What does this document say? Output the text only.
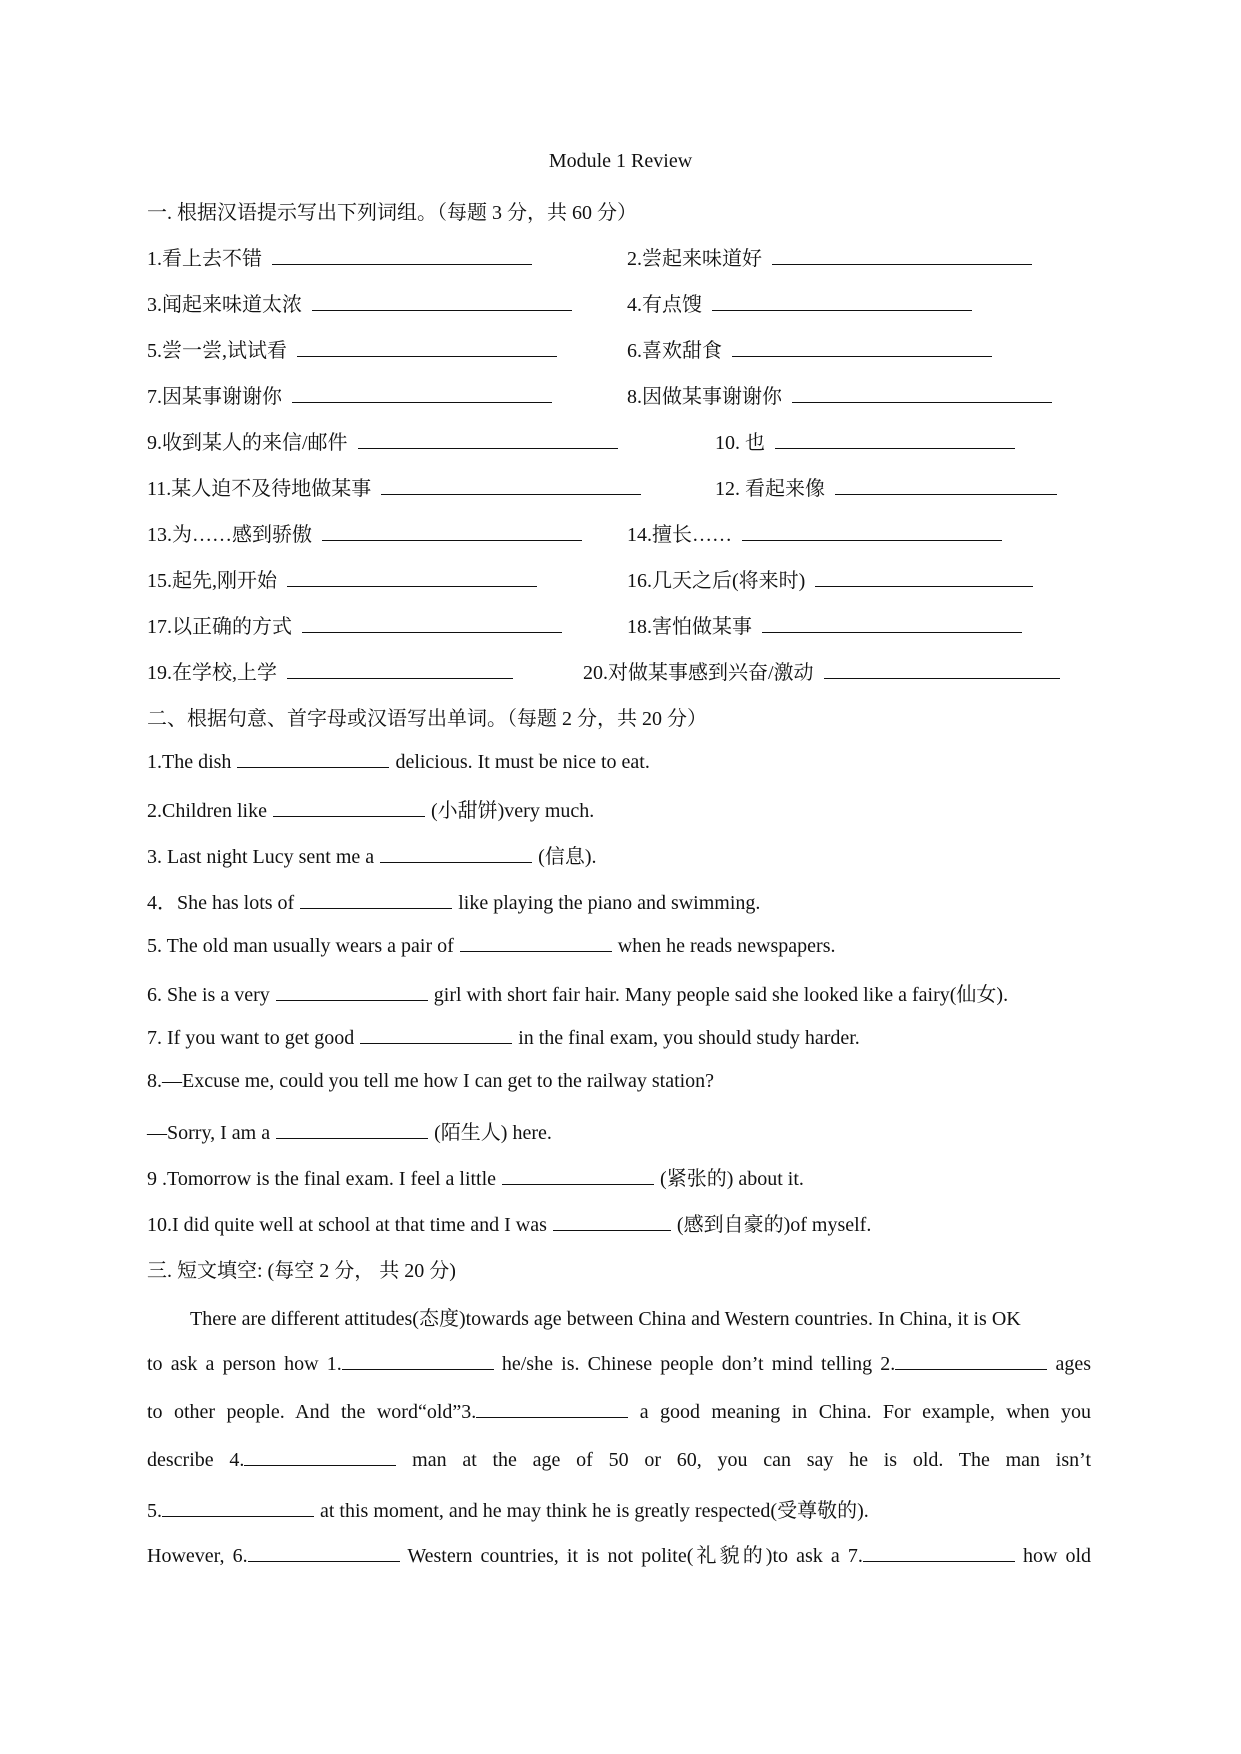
Module 1 Review
一. 根据汉语提示写出下列词组。（每题 3 分，共 60 分）
1.看上去不错	2.尝起来味道好
3.闻起来味道太浓	4.有点馊
5.尝一尝,试试看	6.喜欢甜食
7.因某事谢谢你	8.因做某事谢谢你
9.收到某人的来信/邮件	10. 也
11.某人迫不及待地做某事	12. 看起来像
13.为……感到骄傲	14.擅长……
15.起先,刚开始	16.几天之后(将来时)
17.以正确的方式	18.害怕做某事
19.在学校,上学	20.对做某事感到兴奋/激动
二、根据句意、首字母或汉语写出单词。（每题 2 分，共 20 分）
1.The dish	delicious. It must be nice to eat.
2.Children like	(小甜饼)very much.
3. Last night Lucy sent me a	(信息).
4．She has lots of	like playing the piano and swimming.
5. The old man usually wears a pair of	when he reads newspapers.
6. She is a very	girl with short fair hair. Many people said she looked like a fairy(仙女).
7. If you want to get good	in the final exam, you should study harder.
8.—Excuse me, could you tell me how I can get to the railway station?
—Sorry, I am a	(陌生人) here.
9 .Tomorrow is the final exam. I feel a little	(紧张的) about it.
10.I did quite well at school at that time and I was	(感到自豪的)of myself.
三. 短文填空: (每空 2 分， 共 20 分)
There are different attitudes(态度)towards age between China and Western countries. In China, it is OK
to ask a person how 1.	he/she is. Chinese people don’t mind telling 2.	ages
to other people. And the word“old”3.	a good meaning in China. For example, when you
describe 4.	man at the age of 50 or 60, you can say he is old. The man isn’t
5.	at this moment, and he may think he is greatly respected(受尊敬的).
However, 6.	Western countries, it is not polite(礼貌的)to ask a 7.	how old
